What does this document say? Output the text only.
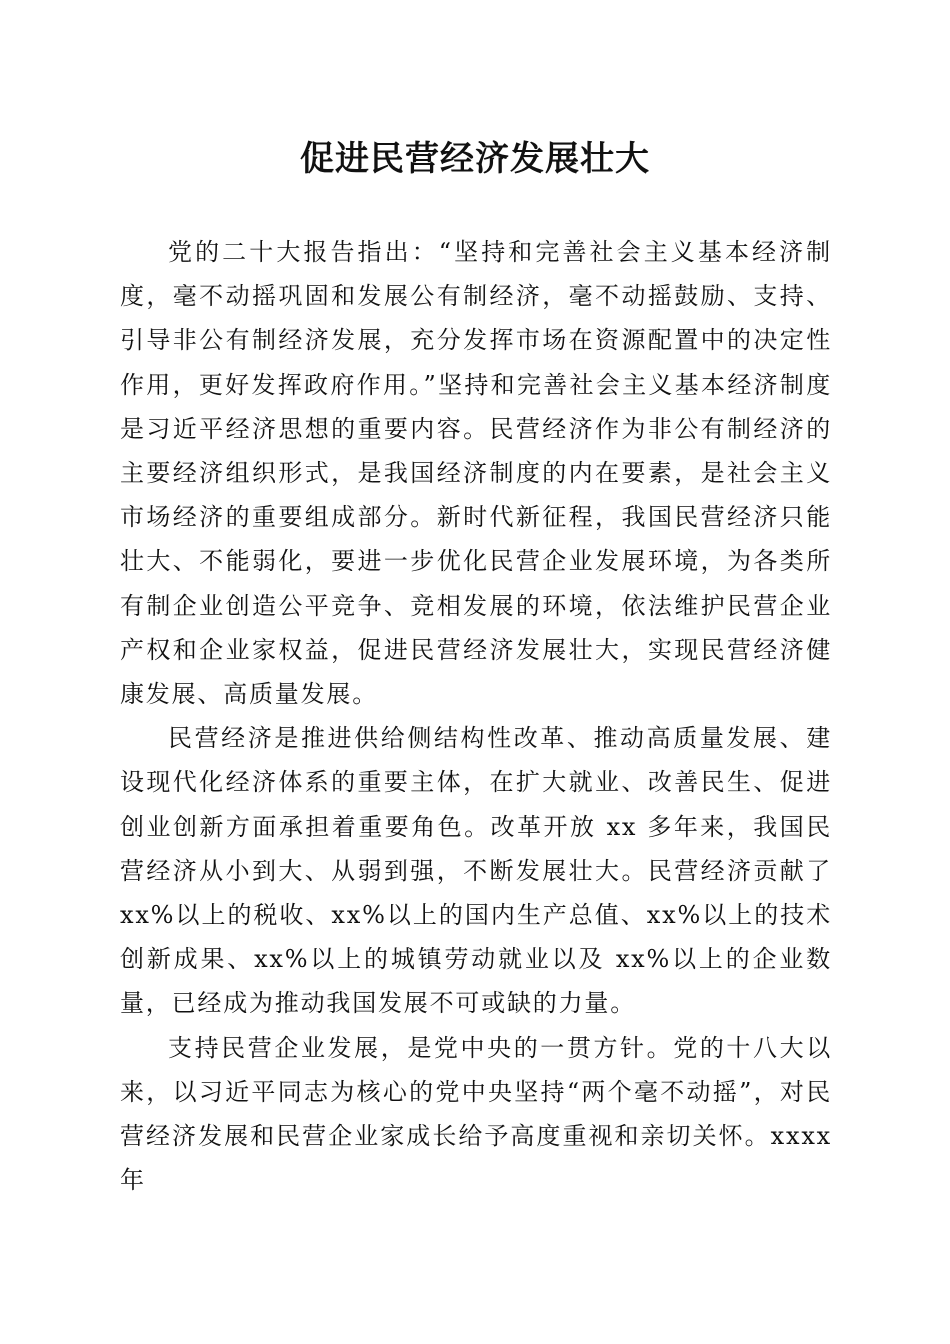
促进民营经济发展壮大

党的二十大报告指出：“坚持和完善社会主义基本经济制度，毫不动摇巩固和发展公有制经济，毫不动摇鼓励、支持、引导非公有制经济发展，充分发挥市场在资源配置中的决定性作用，更好发挥政府作用。”坚持和完善社会主义基本经济制度是习近平经济思想的重要内容。民营经济作为非公有制经济的主要经济组织形式，是我国经济制度的内在要素，是社会主义市场经济的重要组成部分。新时代新征程，我国民营经济只能壮大、不能弱化，要进一步优化民营企业发展环境，为各类所有制企业创造公平竞争、竞相发展的环境，依法维护民营企业产权和企业家权益，促进民营经济发展壮大，实现民营经济健康发展、高质量发展。

民营经济是推进供给侧结构性改革、推动高质量发展、建设现代化经济体系的重要主体，在扩大就业、改善民生、促进创业创新方面承担着重要角色。改革开放 xx 多年来，我国民营经济从小到大、从弱到强，不断发展壮大。民营经济贡献了 xx%以上的税收、xx%以上的国内生产总值、xx%以上的技术创新成果、xx%以上的城镇劳动就业以及 xx%以上的企业数量，已经成为推动我国发展不可或缺的力量。

支持民营企业发展，是党中央的一贯方针。党的十八大以来，以习近平同志为核心的党中央坚持“两个毫不动摇”，对民营经济发展和民营企业家成长给予高度重视和亲切关怀。xxxx 年
